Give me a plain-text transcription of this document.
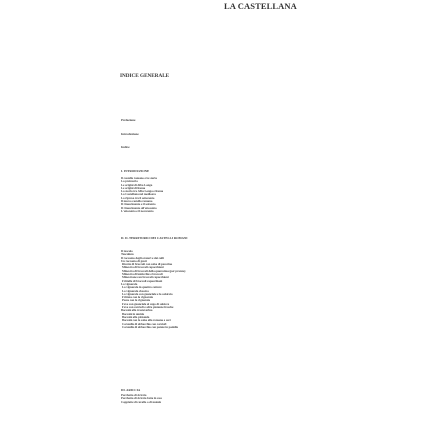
LA CASTELLANA
INDICE GENERALE
Prefazione
Introduzione
Indice
I. INTRODUZIONE
Il castello romano e la storia
La preistoria
Le origini di Alba Longa
Le origini di Roma
La storia tra Alba Longa e Roma
La Castellana nel medioevo
La ripresa tra il settecento
Il nuovo castello romano
Il rinascimento e il seicento
Il rinascimento all'ottocento
L'ottocento e il novecento
II. IL TERRITORIO DEI CASTELLI ROMANI
Il tuscolo
Tusculum
Il racconto degli oratori e dei colli
Un racconto di gusti
Ricette di broccoli con salsa di pecorino
Minestra di broccoli capacchioni
Minestra di broccoli della quaresima (per pranzo)
Minestra di lenticchie e broccoli
Minestrone con broccoli capacchioni
Frittelle di broccoli capacchioni
La vignarola
La vignarola in quattro cotture
La vignarola classica
La vignarola con guanciale e la salsiccia
Frittata con la vignarola
Pasta con la vignarola
Fave con guanciale al sugo di salsicce
Fave con carciofi e altre pietanze fresche
Baccalà alla trasteverina
Baccalà in umido
Baccalà alla pizzaiola
Baccalà con la salsa alla romana e ceci
Coratella di abbacchio con carciofi
Coratella di abbacchio con patate in padella
III. ARICCIA
Porchetta di Ariccia
Porchetta di Ariccia fatta in casa
Coppiette di cavallo o di maiale
